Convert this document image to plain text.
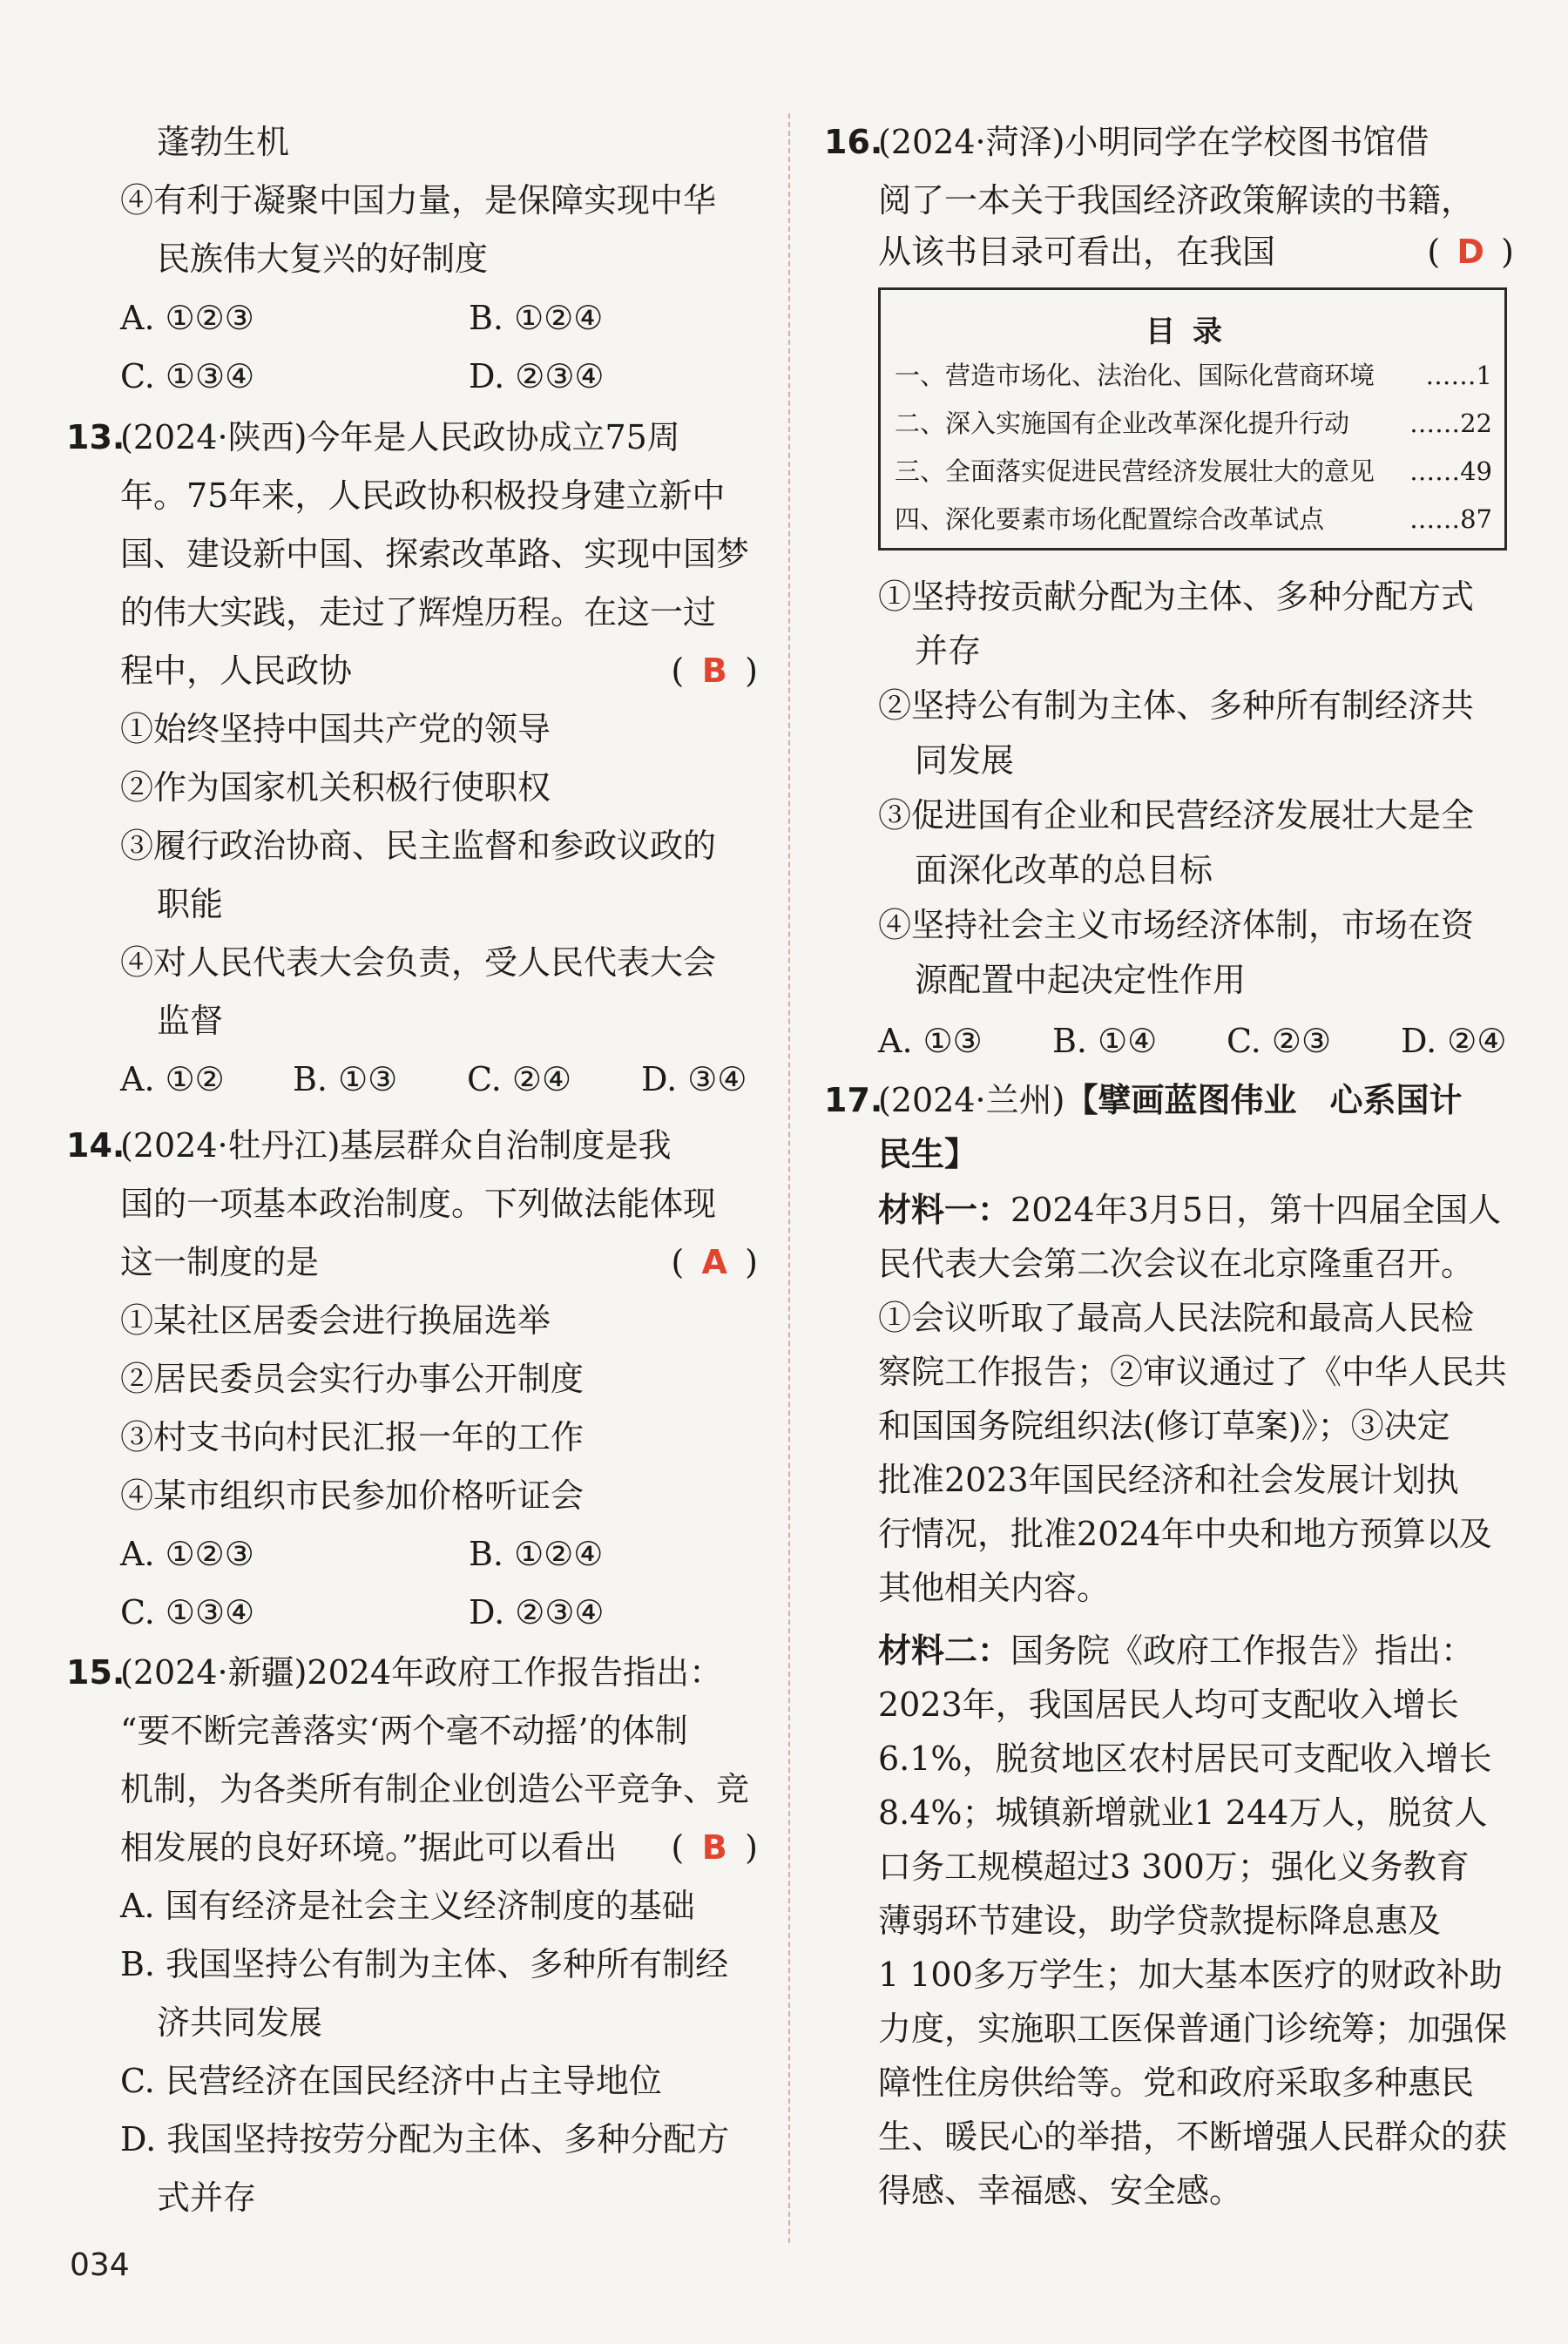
蓬勃生机
④有利于凝聚中国力量，是保障实现中华
民族伟大复兴的好制度
A. ①②③	B. ①②④
C. ①③④	D. ②③④
13.
(2024·陕西)今年是人民政协成立75周
年。75年来，人民政协积极投身建立新中
国、建设新中国、探索改革路、实现中国梦
的伟大实践，走过了辉煌历程。在这一过
程中，人民政协	( B )
①始终坚持中国共产党的领导
②作为国家机关积极行使职权
③履行政治协商、民主监督和参政议政的
职能
④对人民代表大会负责，受人民代表大会
监督
A. ①② B. ①③ C. ②④ D. ③④
14.
(2024·牡丹江)基层群众自治制度是我
国的一项基本政治制度。下列做法能体现
这一制度的是	( A )
①某社区居委会进行换届选举
②居民委员会实行办事公开制度
③村支书向村民汇报一年的工作
④某市组织市民参加价格听证会
A. ①②③	B. ①②④
C. ①③④	D. ②③④
15.
(2024·新疆)2024年政府工作报告指出：
“要不断完善落实‘两个毫不动摇’的体制
机制，为各类所有制企业创造公平竞争、竞
相发展的良好环境。”据此可以看出 ( B )
A. 国有经济是社会主义经济制度的基础
B. 我国坚持公有制为主体、多种所有制经
济共同发展
C. 民营经济在国民经济中占主导地位
D. 我国坚持按劳分配为主体、多种分配方
式并存
16.
(2024·菏泽)小明同学在学校图书馆借
阅了一本关于我国经济政策解读的书籍，
从该书目录可看出，在我国	( D )
目录
一、营造市场化、法治化、国际化营商环境 ……1
二、深入实施国有企业改革深化提升行动 ……22
三、全面落实促进民营经济发展壮大的意见 ……49
四、深化要素市场化配置综合改革试点	……87
①坚持按贡献分配为主体、多种分配方式
并存
②坚持公有制为主体、多种所有制经济共
同发展
③促进国有企业和民营经济发展壮大是全
面深化改革的总目标
④坚持社会主义市场经济体制，市场在资
源配置中起决定性作用
A. ①③ B. ①④ C. ②③ D. ②④
17.
(2024·兰州)【擘画蓝图伟业　心系国计
民生】
材料一：2024年3月5日，第十四届全国人
民代表大会第二次会议在北京隆重召开。
①会议听取了最高人民法院和最高人民检
察院工作报告；②审议通过了《中华人民共
和国国务院组织法(修订草案)》；③决定
批准2023年国民经济和社会发展计划执
行情况，批准2024年中央和地方预算以及
其他相关内容。
材料二：国务院《政府工作报告》指出：
2023年，我国居民人均可支配收入增长
6.1%，脱贫地区农村居民可支配收入增长
8.4%；城镇新增就业1 244万人，脱贫人
口务工规模超过3 300万；强化义务教育
薄弱环节建设，助学贷款提标降息惠及
1 100多万学生；加大基本医疗的财政补助
力度，实施职工医保普通门诊统筹；加强保
障性住房供给等。党和政府采取多种惠民
生、暖民心的举措，不断增强人民群众的获
得感、幸福感、安全感。
034
